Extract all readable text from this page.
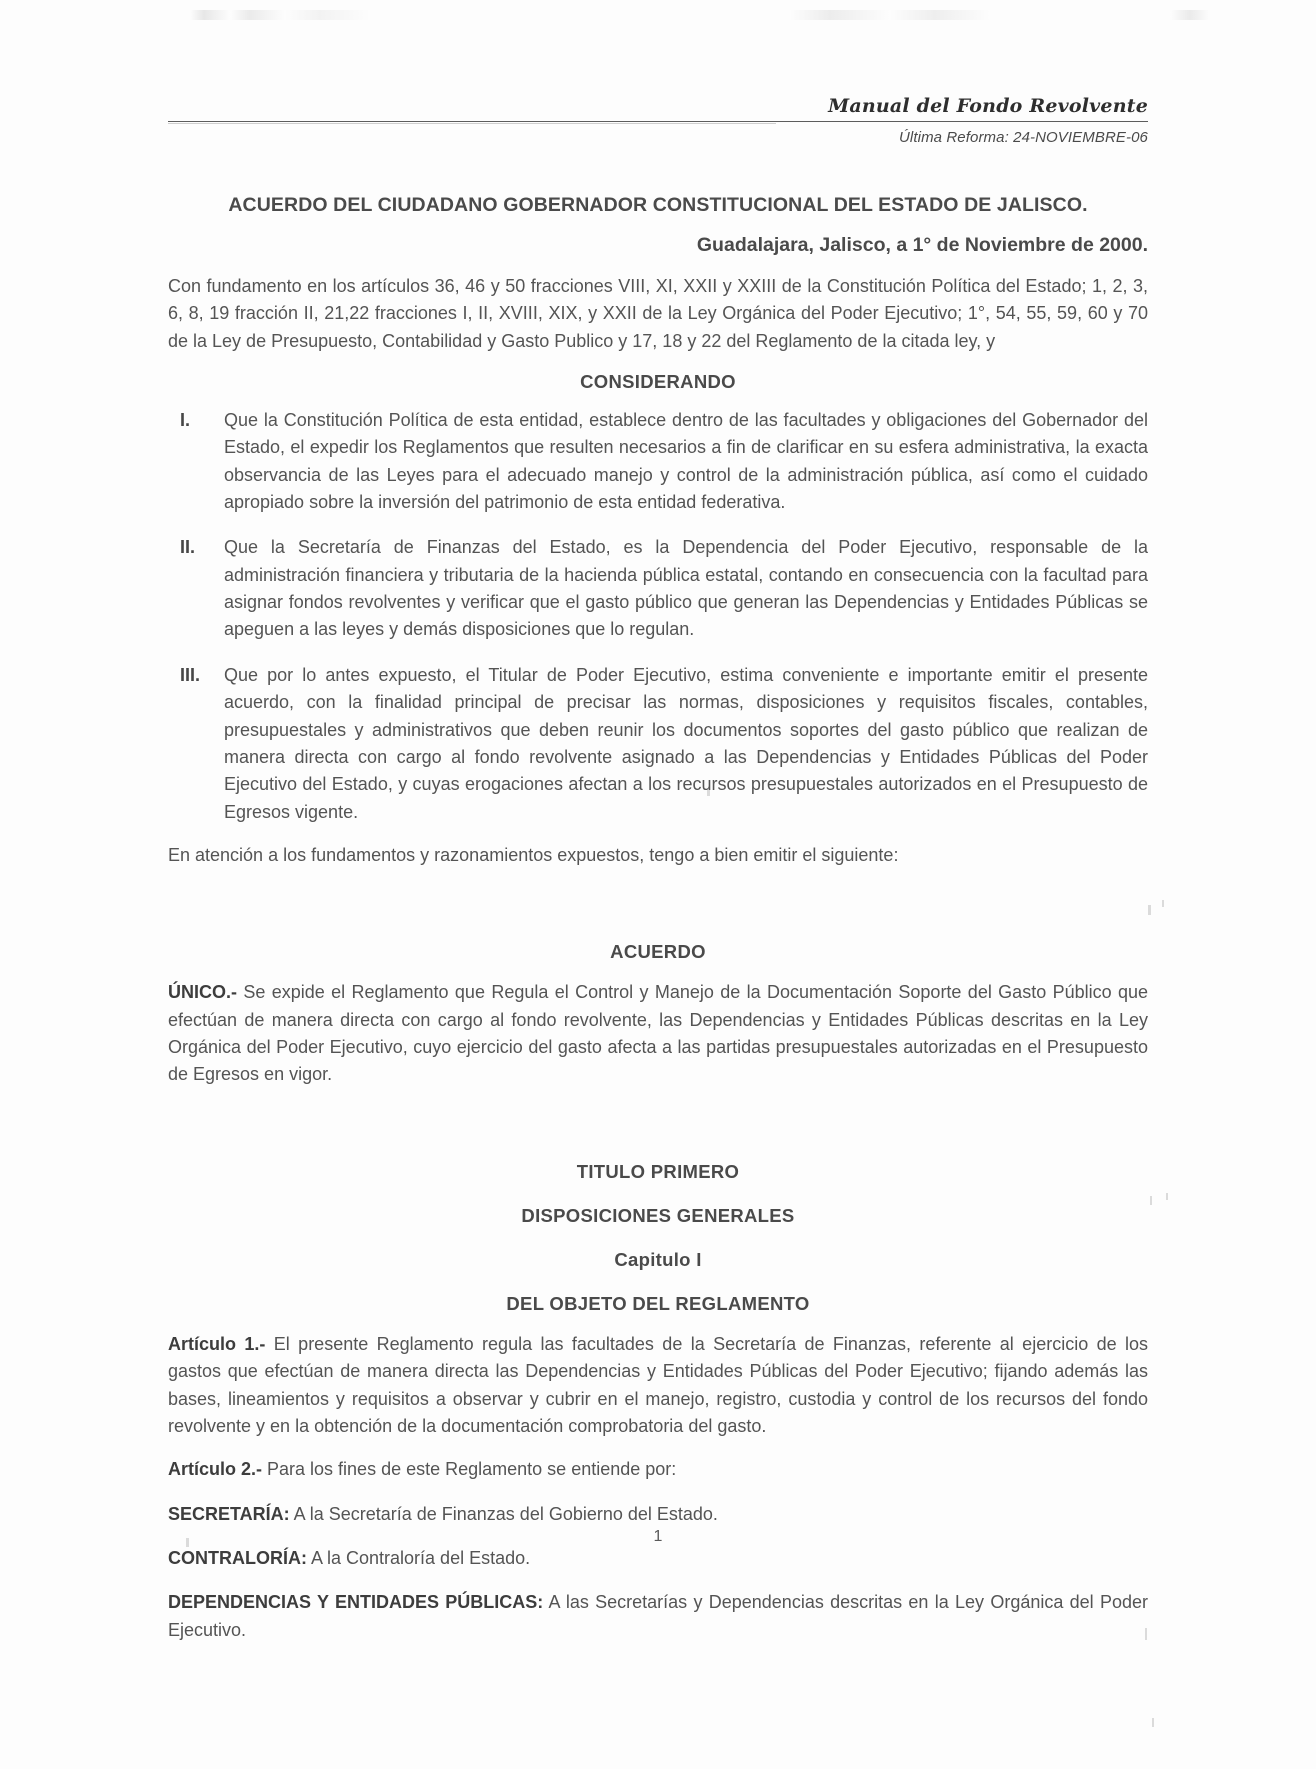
Manual del Fondo Revolvente
Última Reforma: 24-NOVIEMBRE-06
ACUERDO DEL CIUDADANO GOBERNADOR CONSTITUCIONAL DEL ESTADO DE JALISCO.
Guadalajara, Jalisco, a 1° de Noviembre de 2000.

Con fundamento en los artículos 36, 46 y 50 fracciones VIII, XI, XXII y XXIII de la Constitución Política del Estado; 1, 2, 3, 6, 8, 19 fracción II, 21,22 fracciones I, II, XVIII, XIX, y XXII de la Ley Orgánica del Poder Ejecutivo; 1°, 54, 55, 59, 60 y 70 de la Ley de Presupuesto, Contabilidad y Gasto Publico y 17, 18 y 22 del Reglamento de la citada ley, y

CONSIDERANDO
I. Que la Constitución Política de esta entidad, establece dentro de las facultades y obligaciones del Gobernador del Estado, el expedir los Reglamentos que resulten necesarios a fin de clarificar en su esfera administrativa, la exacta observancia de las Leyes para el adecuado manejo y control de la administración pública, así como el cuidado apropiado sobre la inversión del patrimonio de esta entidad federativa.
II. Que la Secretaría de Finanzas del Estado, es la Dependencia del Poder Ejecutivo, responsable de la administración financiera y tributaria de la hacienda pública estatal, contando en consecuencia con la facultad para asignar fondos revolventes y verificar que el gasto público que generan las Dependencias y Entidades Públicas se apeguen a las leyes y demás disposiciones que lo regulan.
III. Que por lo antes expuesto, el Titular de Poder Ejecutivo, estima conveniente e importante emitir el presente acuerdo, con la finalidad principal de precisar las normas, disposiciones y requisitos fiscales, contables, presupuestales y administrativos que deben reunir los documentos soportes del gasto público que realizan de manera directa con cargo al fondo revolvente asignado a las Dependencias y Entidades Públicas del Poder Ejecutivo del Estado, y cuyas erogaciones afectan a los recursos presupuestales autorizados en el Presupuesto de Egresos vigente.

En atención a los fundamentos y razonamientos expuestos, tengo a bien emitir el siguiente:

ACUERDO

ÚNICO.- Se expide el Reglamento que Regula el Control y Manejo de la Documentación Soporte del Gasto Público que efectúan de manera directa con cargo al fondo revolvente, las Dependencias y Entidades Públicas descritas en la Ley Orgánica del Poder Ejecutivo, cuyo ejercicio del gasto afecta a las partidas presupuestales autorizadas en el Presupuesto de Egresos en vigor.

TITULO PRIMERO
DISPOSICIONES GENERALES
Capitulo I
DEL OBJETO DEL REGLAMENTO

Artículo 1.- El presente Reglamento regula las facultades de la Secretaría de Finanzas, referente al ejercicio de los gastos que efectúan de manera directa las Dependencias y Entidades Públicas del Poder Ejecutivo; fijando además las bases, lineamientos y requisitos a observar y cubrir en el manejo, registro, custodia y control de los recursos del fondo revolvente y en la obtención de la documentación comprobatoria del gasto.

Artículo 2.- Para los fines de este Reglamento se entiende por:

SECRETARÍA: A la Secretaría de Finanzas del Gobierno del Estado.
CONTRALORÍA: A la Contraloría del Estado.
DEPENDENCIAS Y ENTIDADES PÚBLICAS: A las Secretarías y Dependencias descritas en la Ley Orgánica del Poder Ejecutivo.
1
